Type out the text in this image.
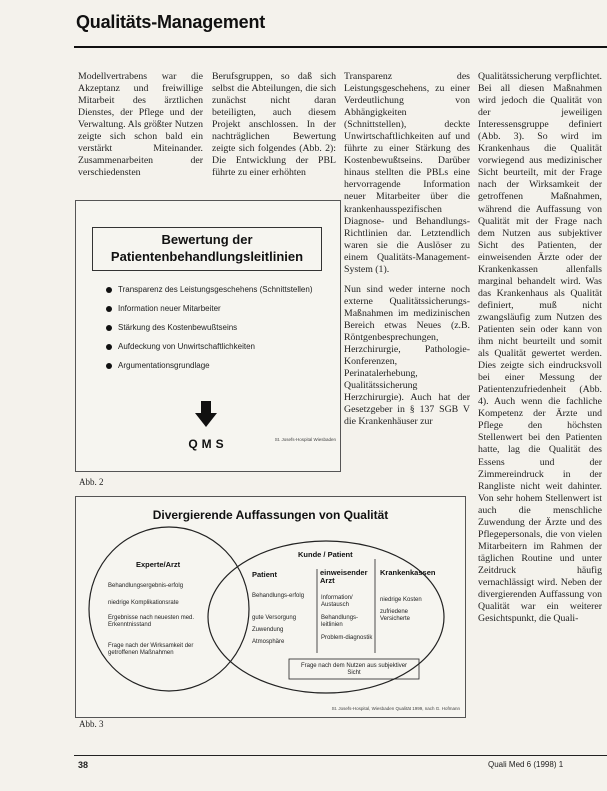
Qualitäts-Management

Modellvertrabens war die Akzeptanz und freiwillige Mitarbeit des ärztlichen Dienstes, der Pflege und der Verwaltung. Als größter Nutzen zeigte sich schon bald ein verstärkt Miteinander. Zusammenarbeiten der verschiedensten

Berufsgruppen, so daß sich selbst die Abteilungen, die sich zunächst nicht daran beteiligten, auch diesem Projekt anschlossen. In der nachträglichen Bewertung zeigte sich folgendes (Abb. 2): Die Entwicklung der PBL führte zu einer erhöhten

Transparenz des Leistungsgeschehens, zu einer Verdeutlichung von Abhängigkeiten (Schnittstellen), deckte Unwirtschaftlichkeiten auf und führte zu einer Stärkung des Kostenbewußtseins. Darüber hinaus stellten die PBLs eine hervorragende Information neuer Mitarbeiter über die krankenhausspezifischen Diagnose- und Behandlungs-Richtlinien dar. Letztendlich waren sie die Auslöser zu einem Qualitäts-Management-System (1).

Nun sind weder interne noch externe Qualitätssicherungs-Maßnahmen im medizinischen Bereich etwas Neues (z.B. Röntgenbesprechungen, Herzchirurgie, Pathologie-Konferenzen, Perinatalerhebung, Qualitätssicherung Herzchirurgie). Auch hat der Gesetzgeber in § 137 SGB V die Krankenhäuser zur

Qualitätssicherung verpflichtet. Bei all diesen Maßnahmen wird jedoch die Qualität von der jeweiligen Interessensgruppe definiert (Abb. 3). So wird im Krankenhaus die Qualität vorwiegend aus medizinischer Sicht beurteilt, mit der Frage nach der Wirksamkeit der getroffenen Maßnahmen, während die Auffassung von Qualität mit der Frage nach dem Nutzen aus subjektiver Sicht des Patienten, der einweisenden Ärzte oder der Krankenkassen allenfalls marginal behandelt wird. Was das Krankenhaus als Qualität definiert, muß nicht zwangsläufig zum Nutzen des Patienten sein oder kann von ihm nicht beurteilt und somit als Qualität gewertet werden. Dies zeigte sich eindrucksvoll bei einer Messung der Patientenzufriedenheit (Abb. 4). Auch wenn die fachliche Kompetenz der Ärzte und Pflege den höchsten Stellenwert bei den Patienten hatte, lag die Qualität des Essens und der Zimmereindruck in der Rangliste nicht weit dahinter. Von sehr hohem Stellenwert ist auch die menschliche Zuwendung der Ärzte und des Pflegepersonals, die von vielen Mitarbeitern im Rahmen der täglichen Routine und unter Zeitdruck häufig vernachlässigt wird. Neben der divergierenden Auffassung von Qualität war ein weiterer Gesichtspunkt, die Quali-

Bewertung der Patientenbehandlungsleitlinien
Transparenz des Leistungsgeschehens (Schnittstellen)
Information neuer Mitarbeiter
Stärkung des Kostenbewußtseins
Aufdeckung von Unwirtschaftlichkeiten
Argumentationsgrundlage
QMS	St. Josefs-Hospital Wiesbaden
Abb. 2
Divergierende Auffassungen von Qualität
Experte/Arzt
Behandlungsergebnis-erfolg
niedrige Komplikationsrate
Ergebnisse nach neuesten med. Erkenntnisstand
Frage nach der Wirksamkeit der getroffenen Maßnahmen
Kunde / Patient
Patient
Behandlungs-erfolg
gute Versorgung
Zuwendung
Atmosphäre
einweisender Arzt
Information/ Austausch
Behandlungs-leitlinien
Problem-diagnostik
Krankenkassen
niedrige Kosten
zufriedene Versicherte
Frage nach dem Nutzen aus subjektiver Sicht
St. Josefs-Hospital, Wiesbaden Qualität 1999, nach G. Hofmann
Abb. 3
38	Quali Med 6 (1998) 1
